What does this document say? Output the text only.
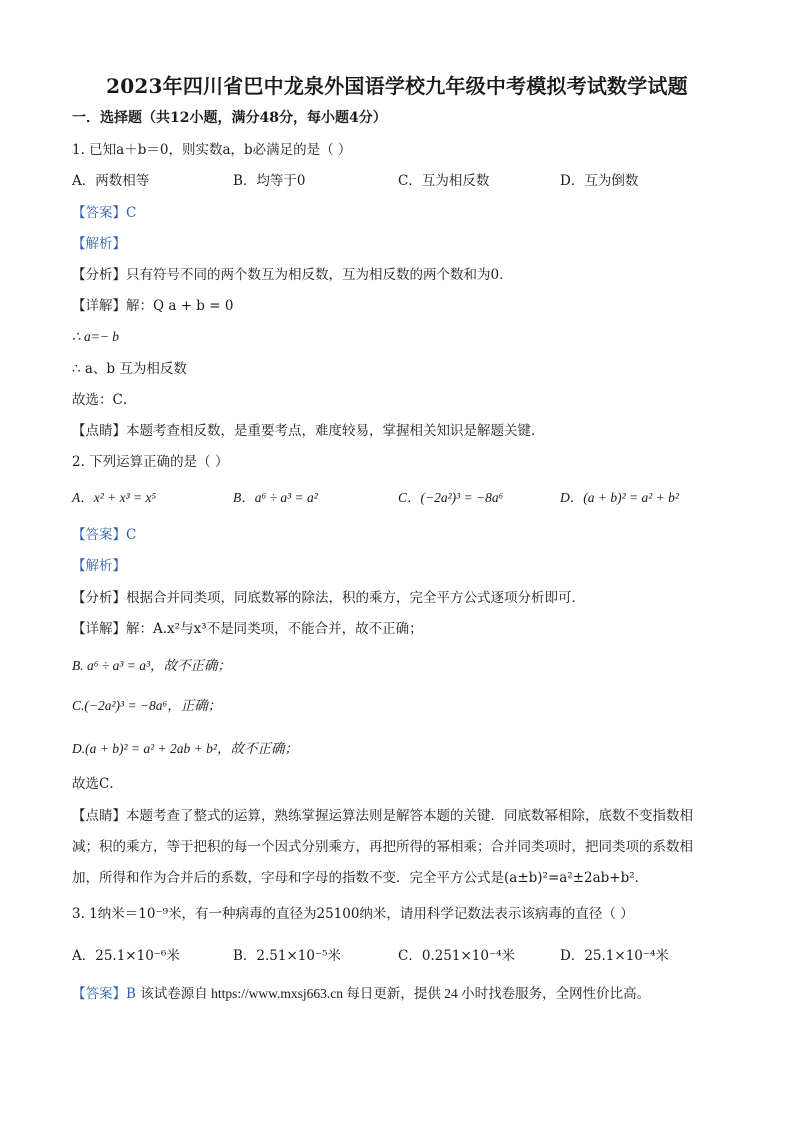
2023年四川省巴中龙泉外国语学校九年级中考模拟考试数学试题
一．选择题（共12小题，满分48分，每小题4分）
1. 已知a＋b＝0，则实数a，b必满足的是（ ）
A．两数相等	B．均等于0	C．互为相反数	D．互为倒数
【答案】C
【解析】
【分析】只有符号不同的两个数互为相反数，互为相反数的两个数和为0．
【详解】解：Q a + b = 0
∴ a=− b
∴ a、b 互为相反数
故选：C．
【点睛】本题考查相反数，是重要考点，难度较易，掌握相关知识是解题关键．
2. 下列运算正确的是（ ）
A．x² + x³ = x⁵	B．a⁶ ÷ a³ = a²	C．(−2a²)³ = −8a⁶	D．(a + b)² = a² + b²
【答案】C
【解析】
【分析】根据合并同类项，同底数幂的除法，积的乘方，完全平方公式逐项分析即可．
【详解】解：A.x²与x³不是同类项，不能合并，故不正确；
B. a⁶ ÷ a³ = a³，故不正确；
C.(−2a²)³ = −8a⁶，正确；
D.(a + b)² = a² + 2ab + b²，故不正确；
故选C．
【点睛】本题考查了整式的运算，熟练掌握运算法则是解答本题的关键．同底数幂相除，底数不变指数相
减；积的乘方，等于把积的每一个因式分别乘方，再把所得的幂相乘；合并同类项时，把同类项的系数相
加，所得和作为合并后的系数，字母和字母的指数不变．完全平方公式是(a±b)²=a²±2ab+b²．
3. 1纳米＝10⁻⁹米，有一种病毒的直径为25100纳米，请用科学记数法表示该病毒的直径（ ）
A．25.1×10⁻⁶米	B．2.51×10⁻⁵米	C．0.251×10⁻⁴米	D．25.1×10⁻⁴米
【答案】B 该试卷源自 https://www.mxsj663.cn 每日更新，提供 24 小时找卷服务，全网性价比高。
